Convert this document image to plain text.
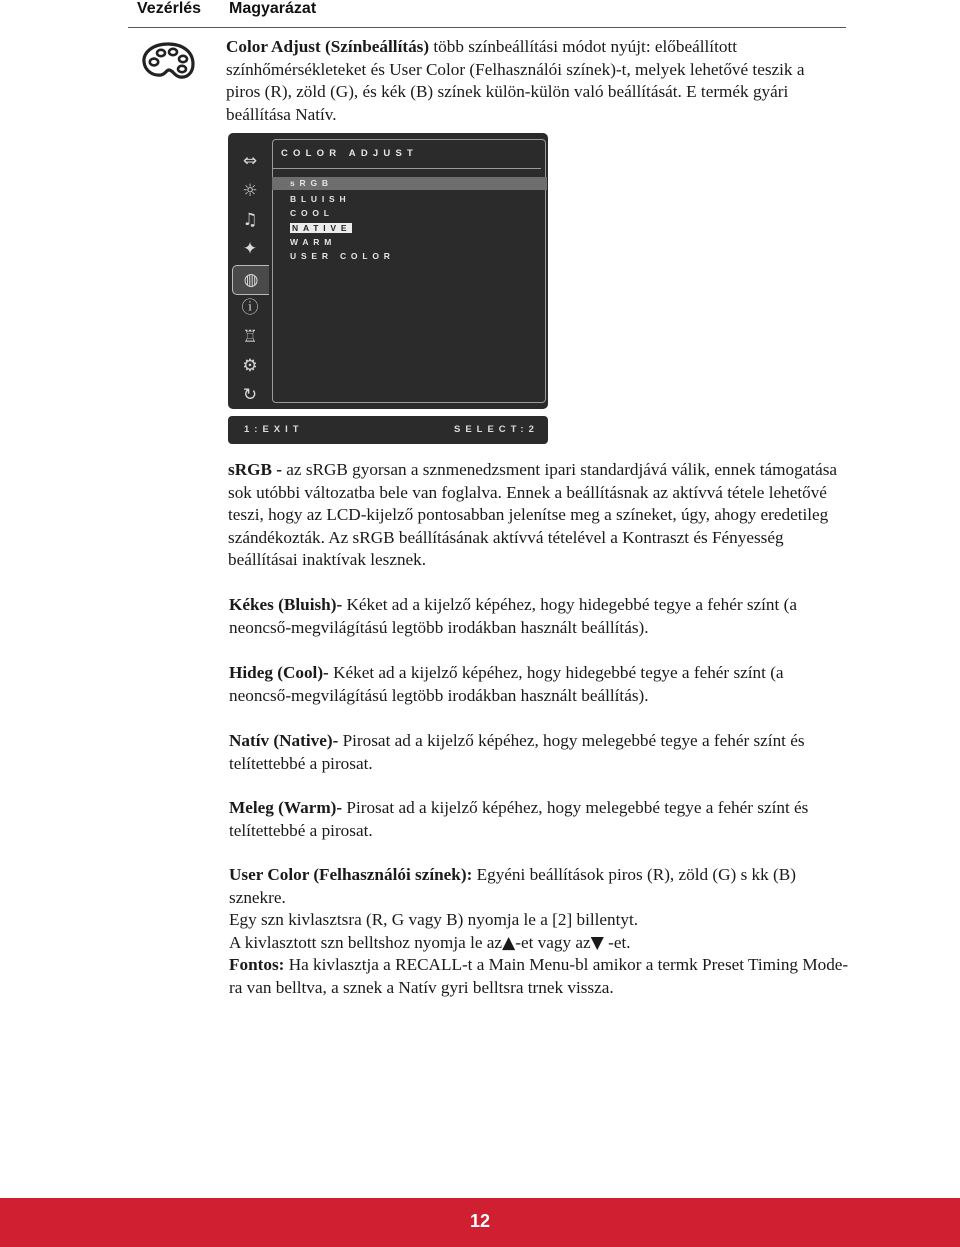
Vezérlés Magyarázat
Color Adjust (Színbeállítás) több színbeállítási módot nyújt: előbeállított színhőmérsékleteket és User Color (Felhasználói színek)-t, melyek lehetővé teszik a piros (R), zöld (G), és kék (B) színek külön-külön való beállítását. E termék gyári beállítása Natív.
⇔
☼
♫
✦
◍
ⓘ
♖
⚙
↻
COLOR ADJUST
sRGB
BLUISH
COOL
NATIVE
WARM
USER COLOR
1:EXIT	SELECT:2
sRGB - az sRGB gyorsan a sznmenedzsment ipari standardjává válik, ennek támogatása sok utóbbi változatba bele van foglalva. Ennek a beállításnak az aktívvá tétele lehetővé teszi, hogy az LCD-kijelző pontosabban jelenítse meg a színeket, úgy, ahogy eredetileg szándékozták. Az sRGB beállításának aktívvá tételével a Kontraszt és Fényesség beállításai inaktívak lesznek.
Kékes (Bluish)- Kéket ad a kijelző képéhez, hogy hidegebbé tegye a fehér színt (a neoncső-megvilágítású legtöbb irodákban használt beállítás).
Hideg (Cool)- Kéket ad a kijelző képéhez, hogy hidegebbé tegye a fehér színt (a neoncső-megvilágítású legtöbb irodákban használt beállítás).
Natív (Native)- Pirosat ad a kijelző képéhez, hogy melegebbé tegye a fehér színt és telítettebbé a pirosat.
Meleg (Warm)- Pirosat ad a kijelző képéhez, hogy melegebbé tegye a fehér színt és telítettebbé a pirosat.
User Color (Felhasználói színek): Egyéni beállítások piros (R), zöld (G) s kk (B) sznekre.
Egy szn kivlasztsra (R, G vagy B) nyomja le a [2] billentyt.
A kivlasztott szn belltshoz nyomja le az▲-et vagy az▼ -et.
Fontos: Ha kivlasztja a RECALL-t a Main Menu-bl amikor a termk Preset Timing Mode-ra van belltva, a sznek a Natív gyri belltsra trnek vissza.
12
